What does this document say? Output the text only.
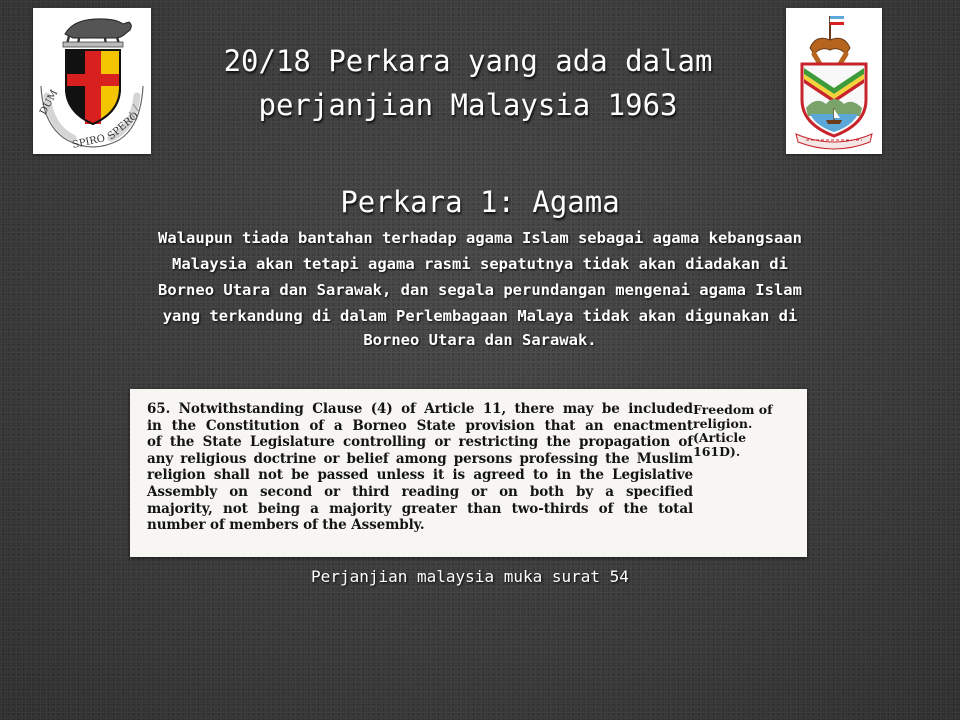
DUM
SPIRO SPERO
20/18 Perkara yang ada dalam
perjanjian Malaysia 1963
Perkara 1: Agama
Walaupun tiada bantahan terhadap agama Islam sebagai agama kebangsaan
Malaysia akan tetapi agama rasmi sepatutnya tidak akan diadakan di
Borneo Utara dan Sarawak, dan segala perundangan mengenai agama Islam
yang terkandung di dalam Perlembagaan Malaya tidak akan digunakan di
Borneo Utara dan Sarawak.
65. Notwithstanding Clause (4) of Article 11, there may be included
in the Constitution of a Borneo State provision that an enactment
of the State Legislature controlling or restricting the propagation of
any religious doctrine or belief among persons professing the Muslim
religion shall not be passed unless it is agreed to in the Legislative
Assembly on second or third reading or on both by a specified
majority, not being a majority greater than two-thirds of the total
number of members of the Assembly.
Freedom of
religion.
(Article
161D).
Perjanjian malaysia muka surat 54
